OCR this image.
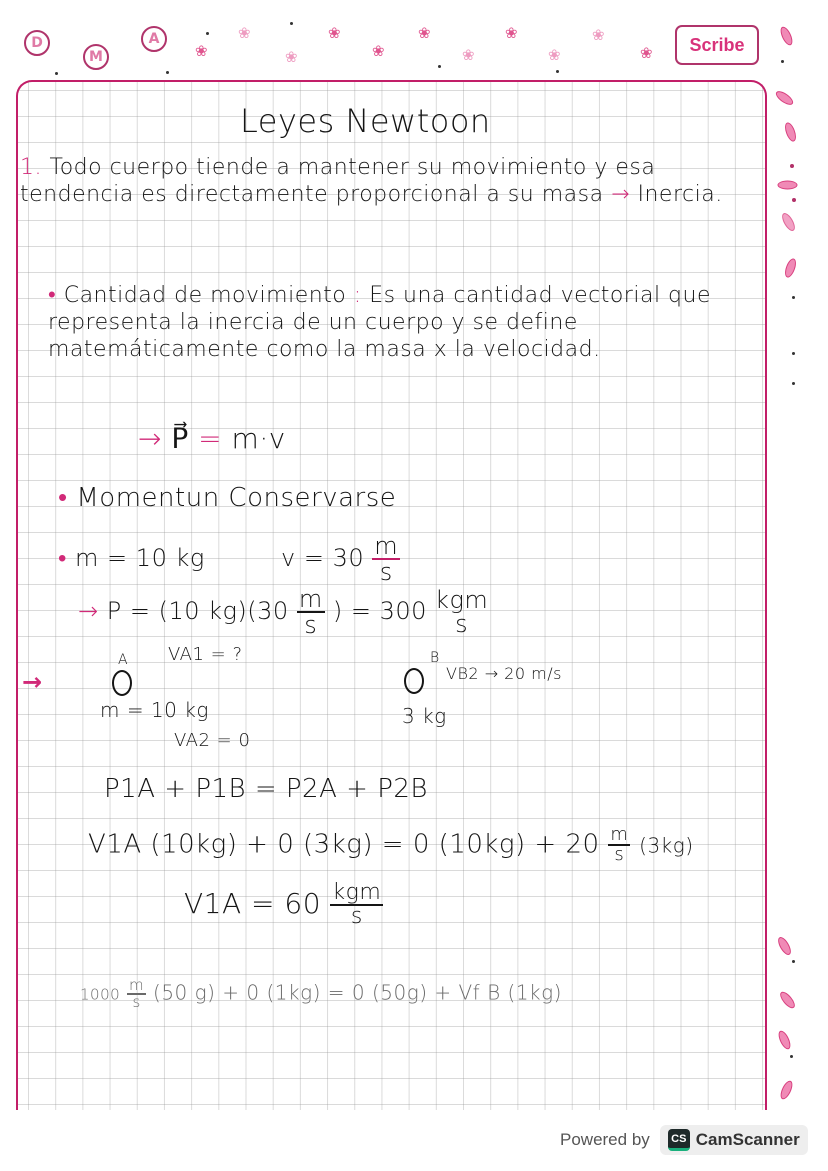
D
M
A
❀
❀
❀
❀
❀
❀
❀
❀
❀
❀
❀	Scribe
Leyes Newtoon
1. Todo cuerpo tiende a mantener su movimiento y esa tendencia es directamente proporcional a su masa → Inercia.
• Cantidad de movimiento : Es una cantidad vectorial que representa la inercia de un cuerpo y se define matemáticamente como la masa x la velocidad.
→ P⃗ = m·v
• Momentun Conservarse
• m = 10 kg	$v = 30 \frac{m}{s}$
→ P = (10 $kg)(30 \frac{m}{s}$ ) = 300 kgm
s
→
A VA1 = ?
m = 10 kg
VA2 = 0
B
VB2 → 20 m/s
3 kg
P1A + P1B = P2A + P2B
V1A (10kg) + 0 (3kg) = 0 $(10kg) + 20 \frac{m}{s} (3kg)$
$V1A = 60 \frac{\text{kgm}}{s}$
$1000 \frac{m}{s} (50$ g) + 0 (1kg) = 0 (50g) + Vf B (1kg)
Powered by	CS CamScanner
